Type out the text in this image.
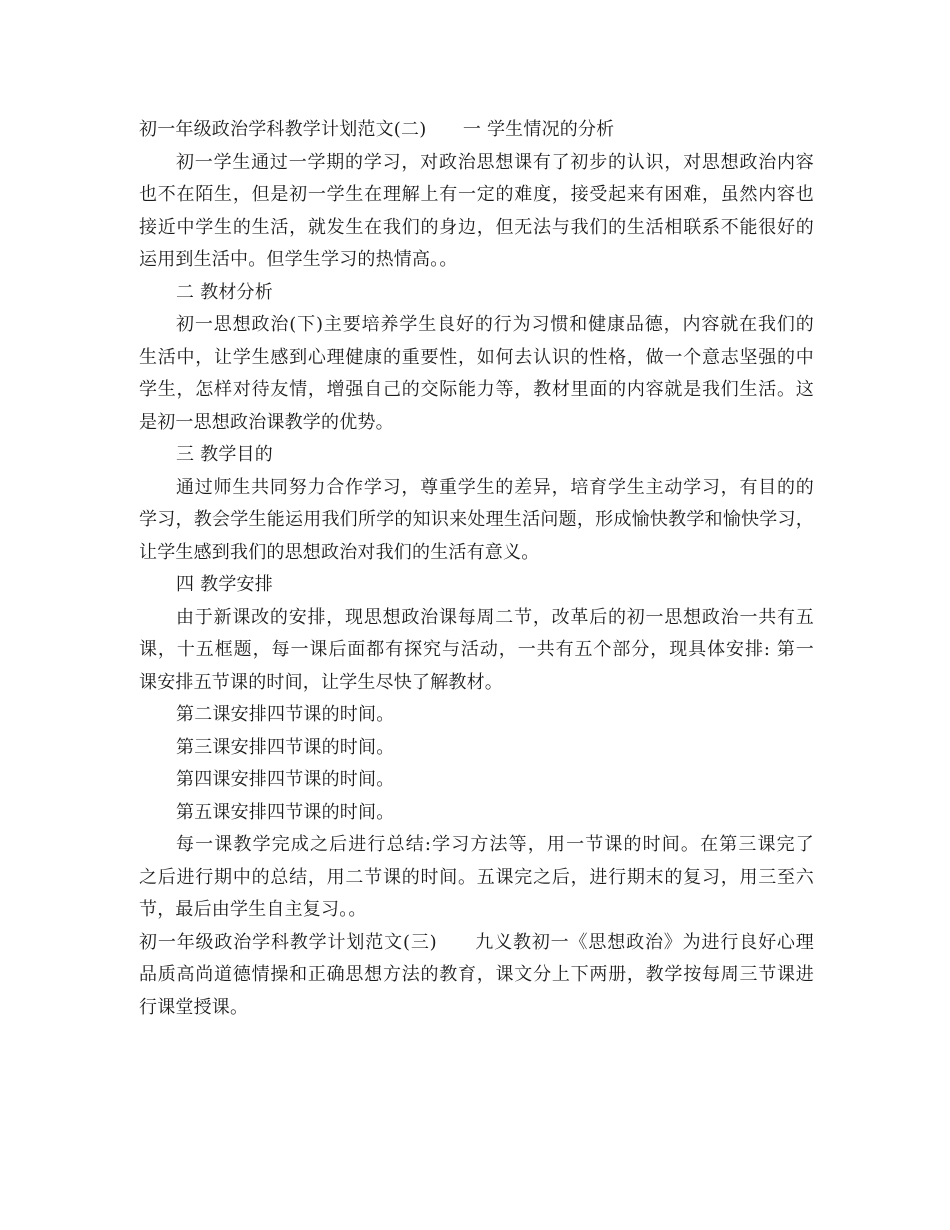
初一年级政治学科教学计划范文(二)　　一 学生情况的分析
初一学生通过一学期的学习，对政治思想课有了初步的认识，对思想政治内容
也不在陌生，但是初一学生在理解上有一定的难度，接受起来有困难，虽然内容也
接近中学生的生活，就发生在我们的身边，但无法与我们的生活相联系不能很好的
运用到生活中。但学生学习的热情高。。
二 教材分析
初一思想政治(下)主要培养学生良好的行为习惯和健康品德，内容就在我们的
生活中，让学生感到心理健康的重要性，如何去认识的性格，做一个意志坚强的中
学生，怎样对待友情，增强自己的交际能力等，教材里面的内容就是我们生活。这
是初一思想政治课教学的优势。
三 教学目的
通过师生共同努力合作学习，尊重学生的差异，培育学生主动学习，有目的的
学习，教会学生能运用我们所学的知识来处理生活问题，形成愉快教学和愉快学习，
让学生感到我们的思想政治对我们的生活有意义。
四 教学安排
由于新课改的安排，现思想政治课每周二节，改革后的初一思想政治一共有五
课，十五框题，每一课后面都有探究与活动，一共有五个部分，现具体安排: 第一
课安排五节课的时间，让学生尽快了解教材。
第二课安排四节课的时间。
第三课安排四节课的时间。
第四课安排四节课的时间。
第五课安排四节课的时间。
每一课教学完成之后进行总结:学习方法等，用一节课的时间。在第三课完了
之后进行期中的总结，用二节课的时间。五课完之后，进行期末的复习，用三至六
节，最后由学生自主复习。。
初一年级政治学科教学计划范文(三)　　九义教初一《思想政治》为进行良好心理
品质高尚道德情操和正确思想方法的教育，课文分上下两册，教学按每周三节课进
行课堂授课。
